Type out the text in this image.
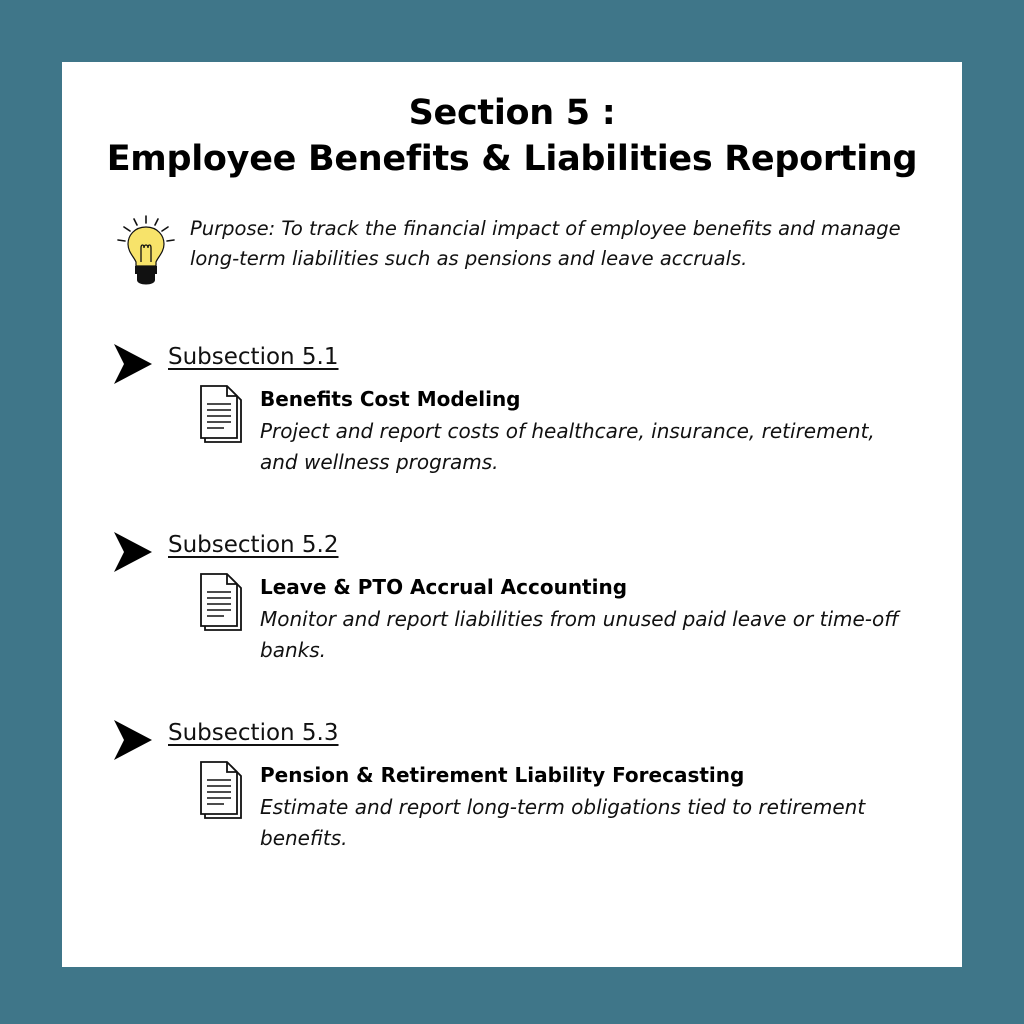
Section 5 :
Employee Benefits & Liabilities Reporting
Purpose: To track the financial impact of employee benefits and manage long-term liabilities such as pensions and leave accruals.
Subsection 5.1
Benefits Cost Modeling
Project and report costs of healthcare, insurance, retirement, and wellness programs.
Subsection 5.2
Leave & PTO Accrual Accounting
Monitor and report liabilities from unused paid leave or time-off banks.
Subsection 5.3
Pension & Retirement Liability Forecasting
Estimate and report long-term obligations tied to retirement benefits.
